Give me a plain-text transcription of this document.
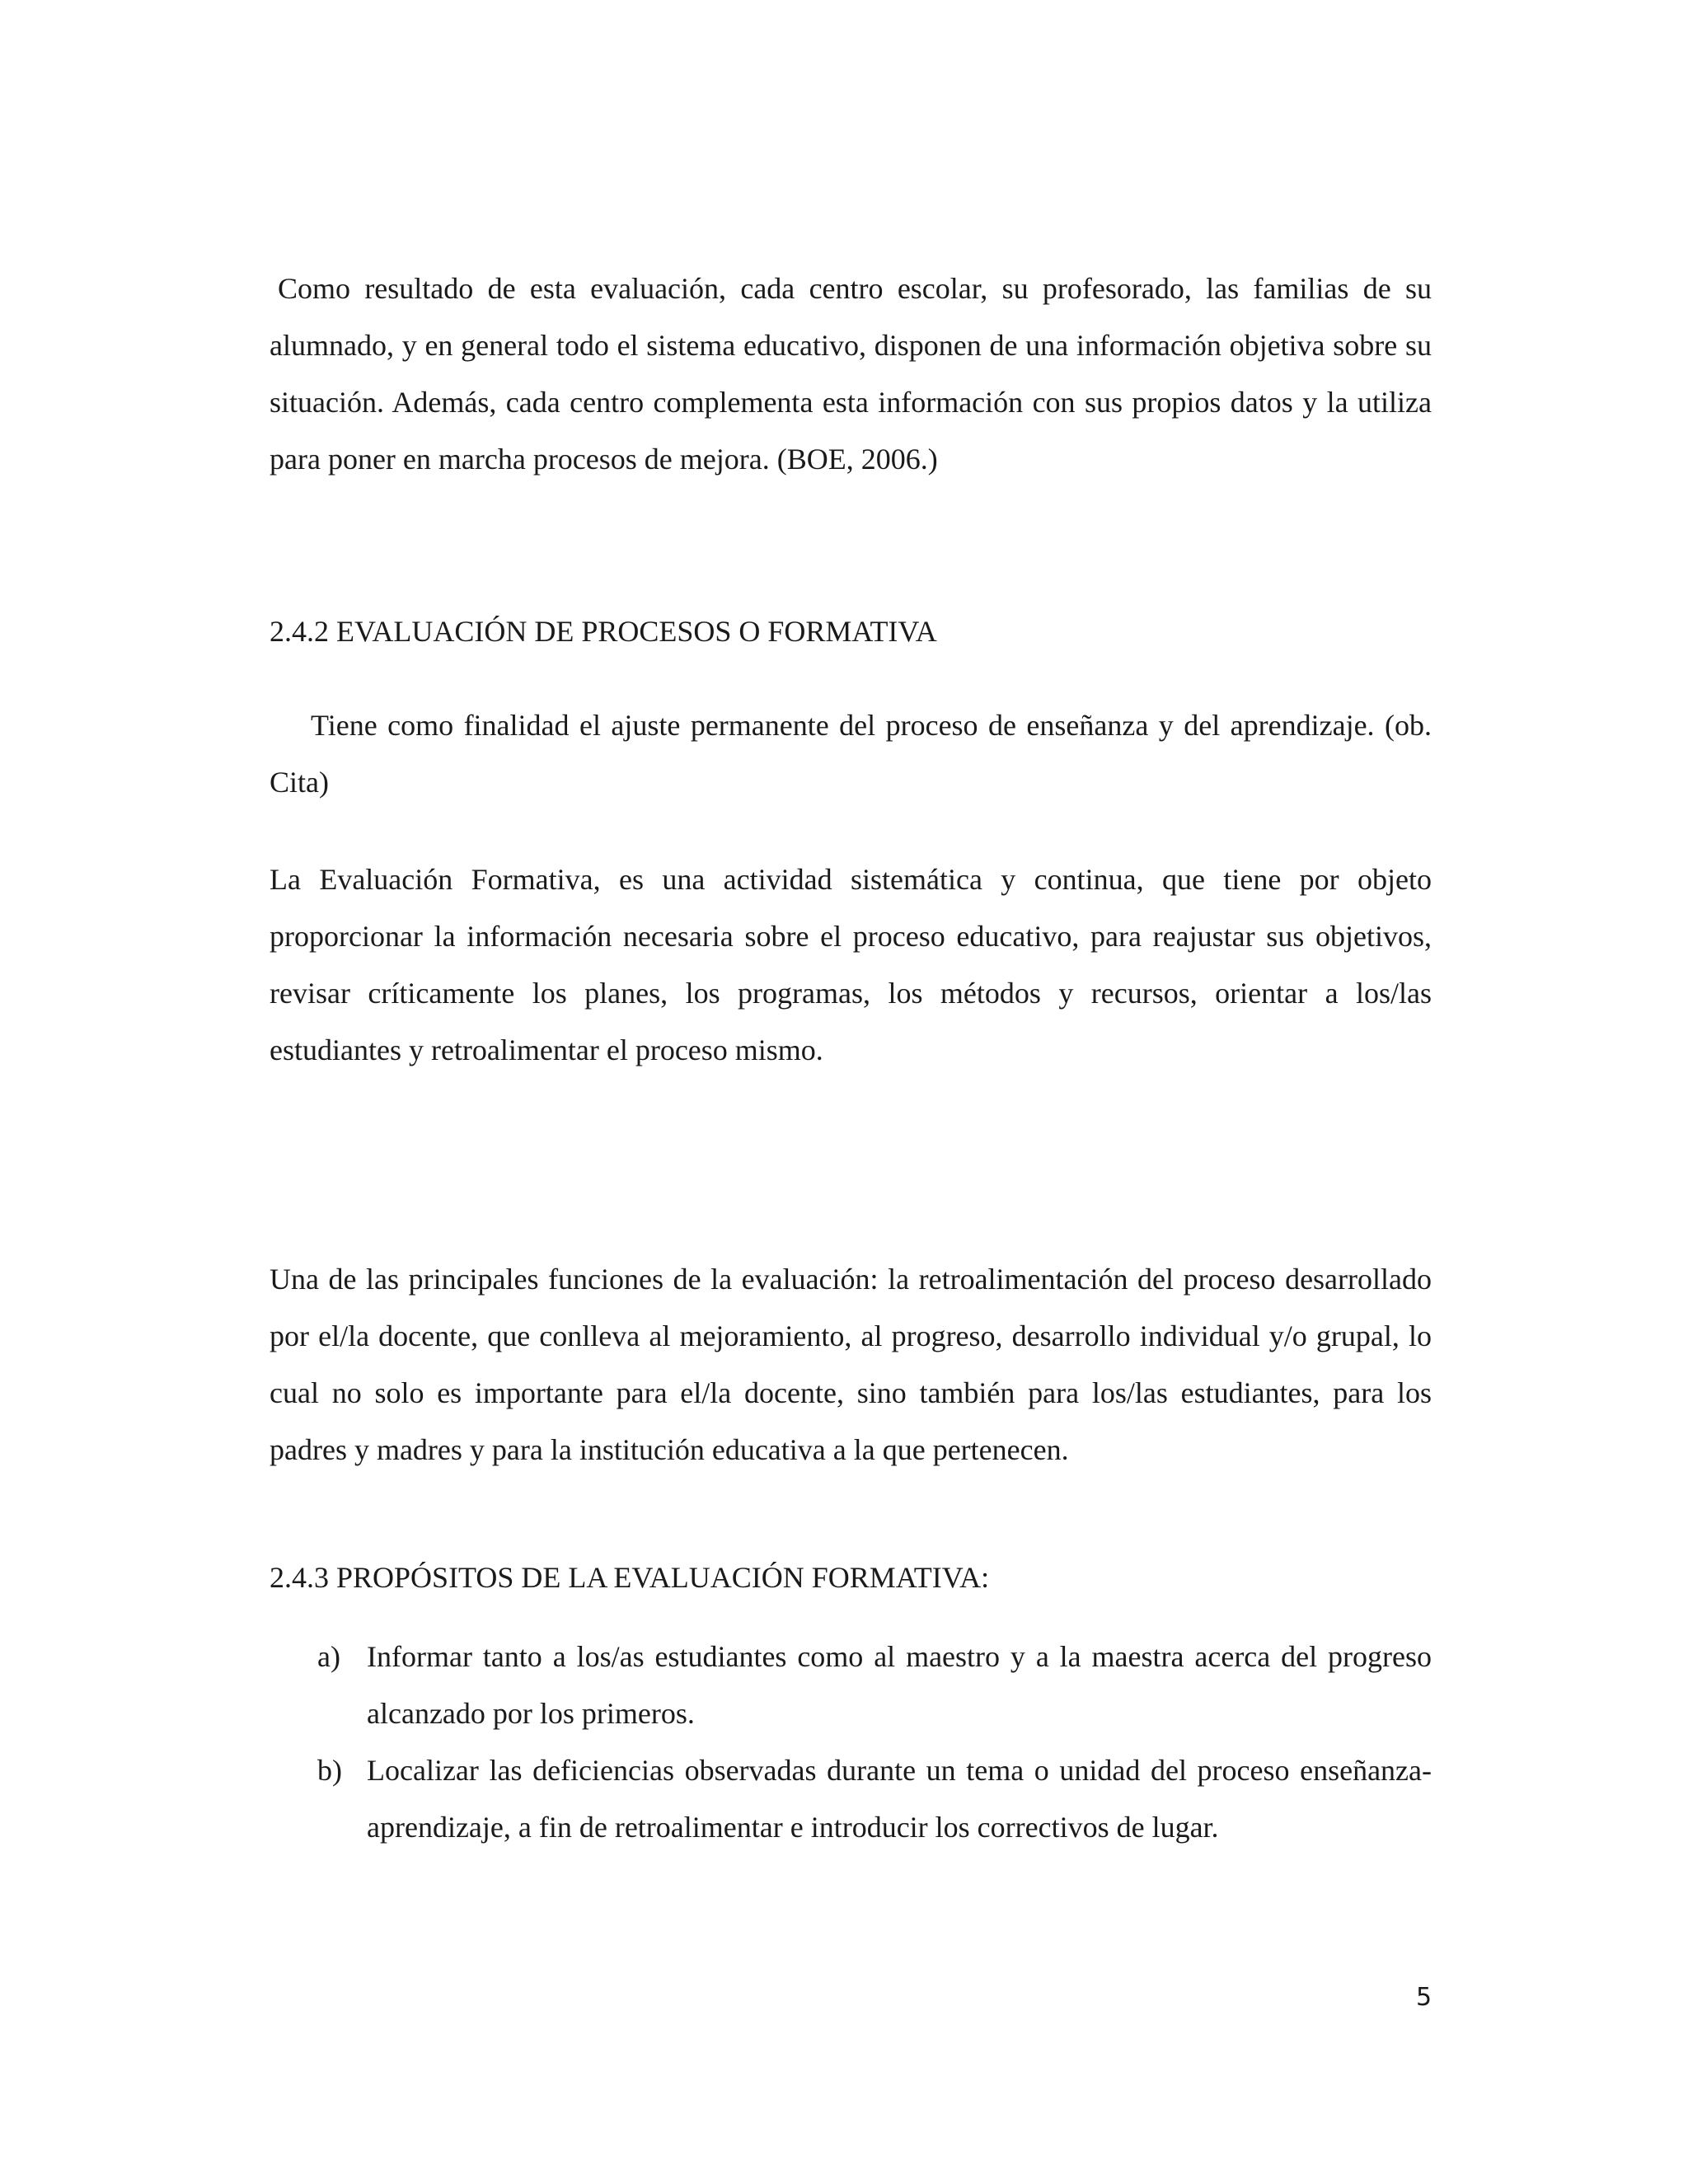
Como resultado de esta evaluación, cada centro escolar, su profesorado, las familias de su alumnado, y en general todo el sistema educativo, disponen de una información objetiva sobre su situación. Además, cada centro complementa esta información con sus propios datos y la utiliza para poner en marcha procesos de mejora. (BOE, 2006.)

2.4.2 EVALUACIÓN DE PROCESOS O FORMATIVA

Tiene como finalidad el ajuste permanente del proceso de enseñanza y del aprendizaje. (ob. Cita)

La Evaluación Formativa, es una actividad sistemática y continua, que tiene por objeto proporcionar la información necesaria sobre el proceso educativo, para reajustar sus objetivos, revisar críticamente los planes, los programas, los métodos y recursos, orientar a los/las estudiantes y retroalimentar el proceso mismo.

Una de las principales funciones de la evaluación: la retroalimentación del proceso desarrollado por el/la docente, que conlleva al mejoramiento, al progreso, desarrollo individual y/o grupal, lo cual no solo es importante para el/la docente, sino también para los/las estudiantes, para los padres y madres y para la institución educativa a la que pertenecen.

2.4.3 PROPÓSITOS DE LA EVALUACIÓN FORMATIVA:
a) Informar tanto a los/as estudiantes como al maestro y a la maestra acerca del progreso alcanzado por los primeros.
b) Localizar las deficiencias observadas durante un tema o unidad del proceso enseñanza-aprendizaje, a fin de retroalimentar e introducir los correctivos de lugar.
5
